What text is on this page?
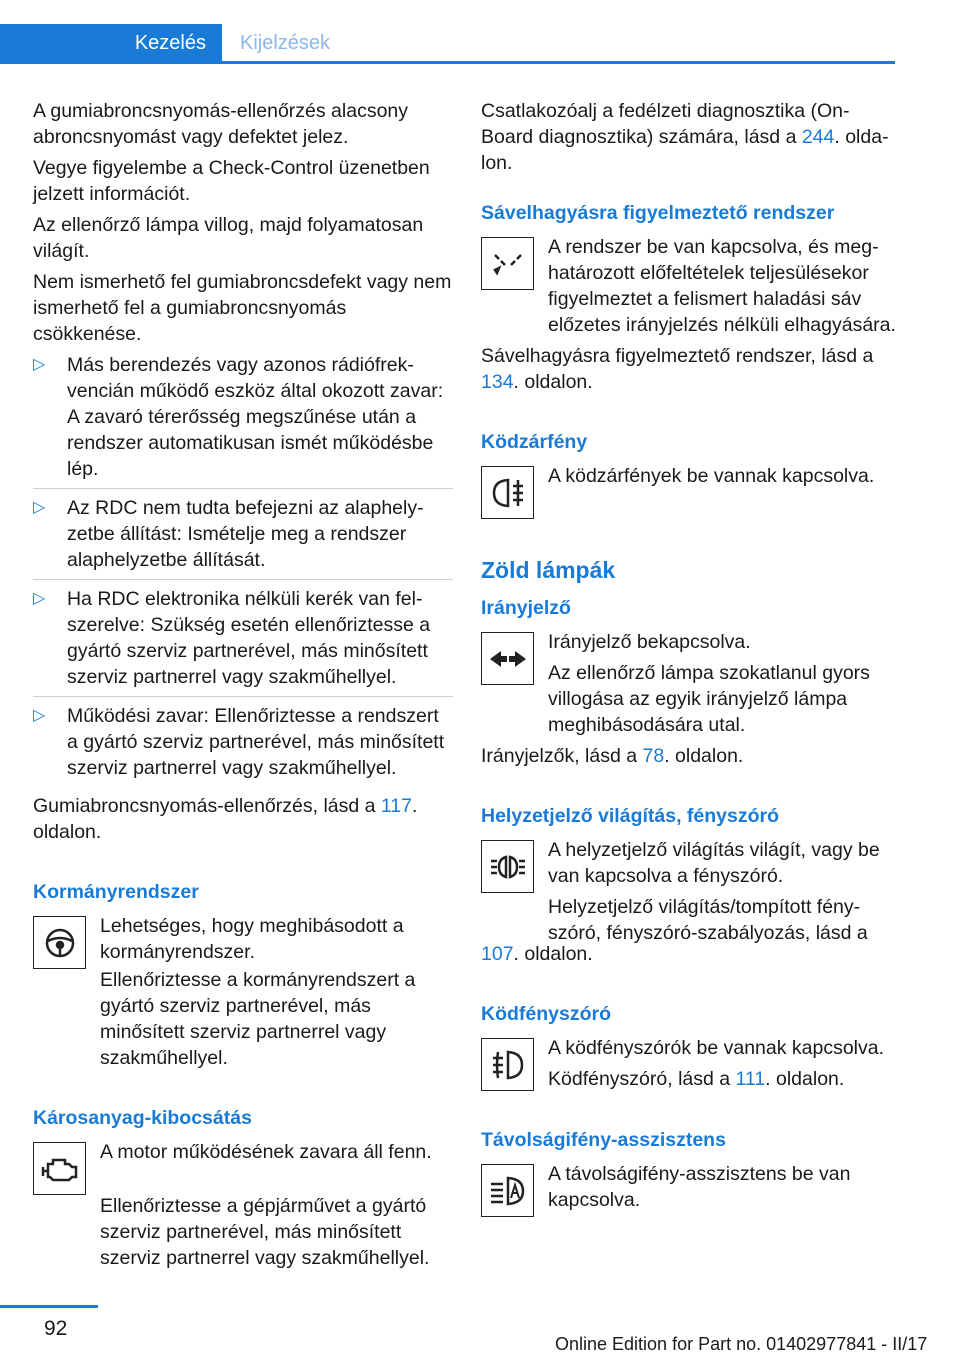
Kezelés	Kijelzések

A gumiabroncsnyomás-ellenőrzés alacsony abroncsnyomást vagy defektet jelez.

Vegye figyelembe a Check-Control üzenetben jelzett információt.

Az ellenőrző lámpa villog, majd folyamatosan világít.

Nem ismerhető fel gumiabroncsdefekt vagy nem ismerhető fel a gumiabroncsnyomás csökkenése.

▷ Más berendezés vagy azonos rádiófrekvencián működő eszköz által okozott zavar: A zavaró térerősség megszűnése után a rendszer automatikusan ismét működésbe lép.
▷ Az RDC nem tudta befejezni az alaphelyzetbe állítást: Ismételje meg a rendszer alaphelyzetbe állítását.
▷ Ha RDC elektronika nélküli kerék van felszerelve: Szükség esetén ellenőriztesse a gyártó szerviz partnerével, más minősített szerviz partnerrel vagy szakműhellyel.
▷ Működési zavar: Ellenőriztesse a rendszert a gyártó szerviz partnerével, más minősített szerviz partnerrel vagy szakműhellyel.

Gumiabroncsnyomás-ellenőrzés, lásd a 117. oldalon.

Kormányrendszer

Lehetséges, hogy meghibásodott a kormányrendszer.

Ellenőriztesse a kormányrendszert a gyártó szerviz partnerével, más minősített szerviz partnerrel vagy szakműhellyel.

Károsanyag-kibocsátás

A motor működésének zavara áll fenn.

Ellenőriztesse a gépjárművet a gyártó szerviz partnerével, más minősített szerviz partnerrel vagy szakműhellyel.

Csatlakozóalj a fedélzeti diagnosztika (On-Board diagnosztika) számára, lásd a 244. oldalon.

Sávelhagyásra figyelmeztető rendszer

A rendszer be van kapcsolva, és meghatározott előfeltételek teljesülésekor figyelmeztet a felismert haladási sáv előzetes irányjelzés nélküli elhagyására.

Sávelhagyásra figyelmeztető rendszer, lásd a 134. oldalon.

Ködzárfény

A ködzárfények be vannak kapcsolva.

Zöld lámpák
Irányjelző

Irányjelző bekapcsolva.

Az ellenőrző lámpa szokatlanul gyors villogása az egyik irányjelző lámpa meghibásodására utal.

Irányjelzők, lásd a 78. oldalon.

Helyzetjelző világítás, fényszóró

A helyzetjelző világítás világít, vagy be van kapcsolva a fényszóró.

Helyzetjelző világítás/tompított fényszóró, fényszóró-szabályozás, lásd a

107. oldalon.

Ködfényszóró

A ködfényszórók be vannak kapcsolva.

Ködfényszóró, lásd a 111. oldalon.

Távolságifény-asszisztens

A távolságifény-asszisztens be van kapcsolva.

92
Online Edition for Part no. 01402977841 - II/17
